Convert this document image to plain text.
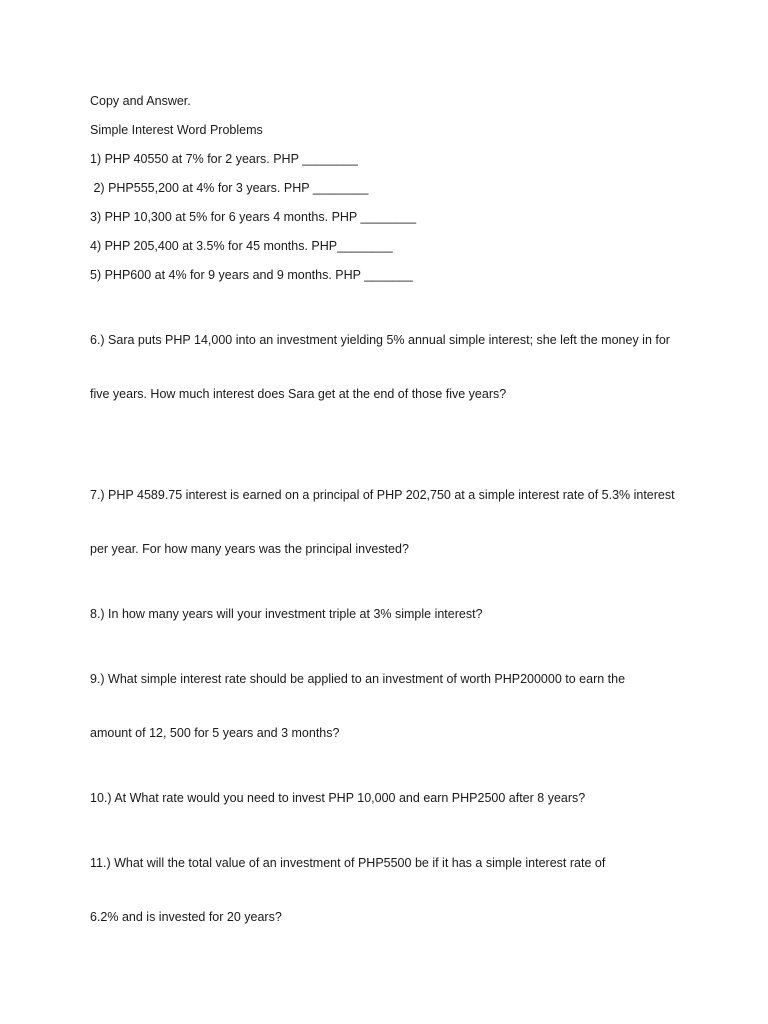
Copy and Answer.
Simple Interest Word Problems
1) PHP 40550 at 7% for 2 years. PHP ________
2) PHP555,200 at 4% for 3 years. PHP ________
3) PHP 10,300 at 5% for 6 years 4 months. PHP ________
4) PHP 205,400 at 3.5% for 45 months. PHP________
5) PHP600 at 4% for 9 years and 9 months. PHP _______

6.) Sara puts PHP 14,000 into an investment yielding 5% annual simple interest; she left the money in for

five years. How much interest does Sara get at the end of those five years?

7.) PHP 4589.75 interest is earned on a principal of PHP 202,750 at a simple interest rate of 5.3% interest

per year. For how many years was the principal invested?

8.) In how many years will your investment triple at 3% simple interest?

9.) What simple interest rate should be applied to an investment of worth PHP200000 to earn the

amount of 12, 500 for 5 years and 3 months?

10.) At What rate would you need to invest PHP 10,000 and earn PHP2500 after 8 years?

11.) What will the total value of an investment of PHP5500 be if it has a simple interest rate of

6.2% and is invested for 20 years?
